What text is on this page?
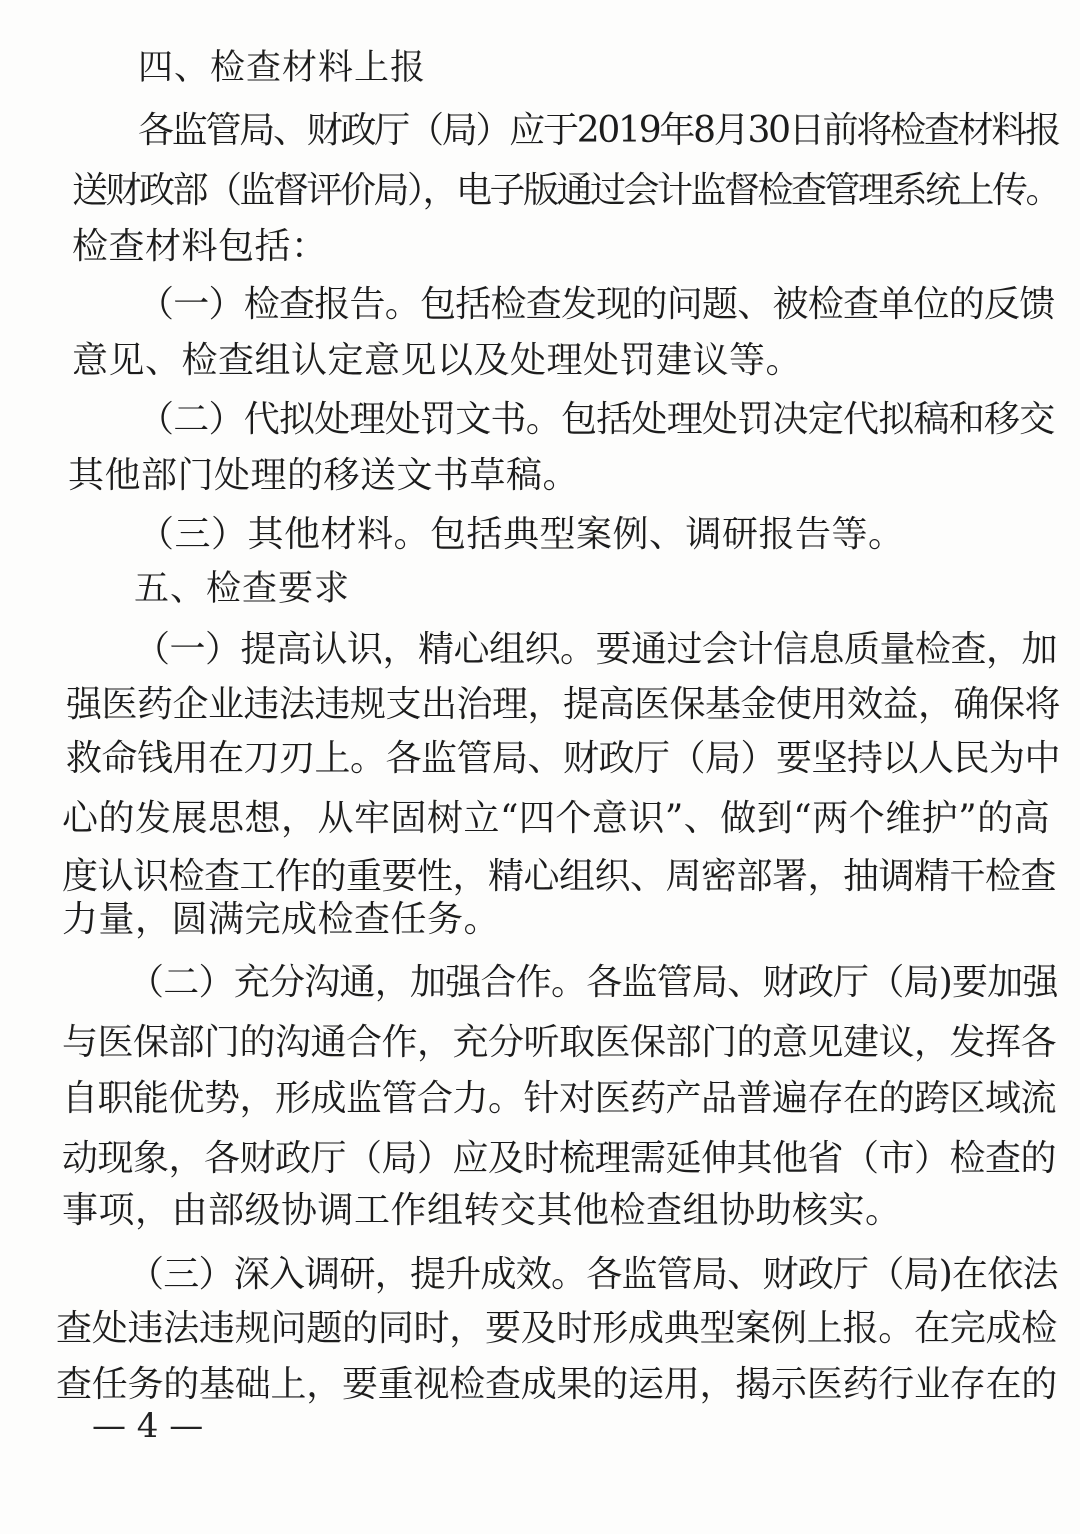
四、检查材料上报
各监管局、财政厅（局）应于2019年8月30日前将检查材料报
送财政部（监督评价局），电子版通过会计监督检查管理系统上传。
检查材料包括：
（一）检查报告。包括检查发现的问题、被检查单位的反馈
意见、检查组认定意见以及处理处罚建议等。
（二）代拟处理处罚文书。包括处理处罚决定代拟稿和移交
其他部门处理的移送文书草稿。
（三）其他材料。包括典型案例、调研报告等。
五、检查要求
（一）提高认识，精心组织。要通过会计信息质量检查，加
强医药企业违法违规支出治理，提高医保基金使用效益，确保将
救命钱用在刀刃上。各监管局、财政厅（局）要坚持以人民为中
心的发展思想，从牢固树立“四个意识”、做到“两个维护”的高
度认识检查工作的重要性，精心组织、周密部署，抽调精干检查
力量，圆满完成检查任务。
（二）充分沟通，加强合作。各监管局、财政厅（局)要加强
与医保部门的沟通合作，充分听取医保部门的意见建议，发挥各
自职能优势，形成监管合力。针对医药产品普遍存在的跨区域流
动现象，各财政厅（局）应及时梳理需延伸其他省（市）检查的
事项，由部级协调工作组转交其他检查组协助核实。
（三）深入调研，提升成效。各监管局、财政厅（局)在依法
查处违法违规问题的同时，要及时形成典型案例上报。在完成检
查任务的基础上，要重视检查成果的运用，揭示医药行业存在的
— 4 —
